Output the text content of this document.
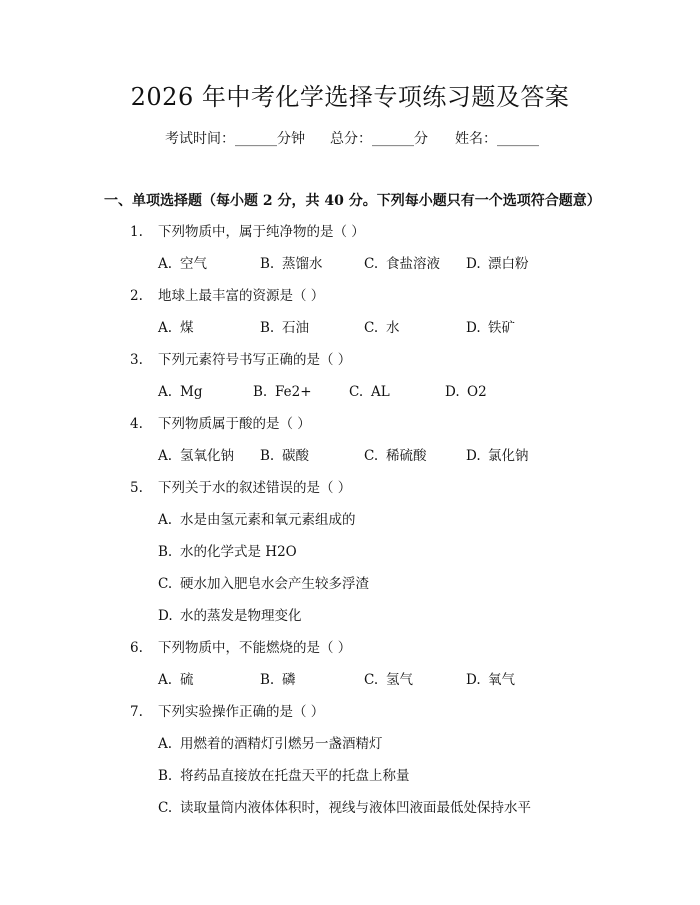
2026 年中考化学选择专项练习题及答案
考试时间：______分钟 总分：______分 姓名：______
一、单项选择题（每小题 2 分，共 40 分。下列每小题只有一个选项符合题意）
1. 下列物质中，属于纯净物的是（ ）
A. 空气	B. 蒸馏水	C. 食盐溶液 D. 漂白粉
2. 地球上最丰富的资源是（ ）
A. 煤	B. 石油	C. 水	D. 铁矿
3. 下列元素符号书写正确的是（ ）
A. Mg	B. Fe2+	C. AL	D. O2
4. 下列物质属于酸的是（ ）
A. 氢氧化钠 B. 碳酸	C. 稀硫酸	D. 氯化钠
5. 下列关于水的叙述错误的是（ ）
A. 水是由氢元素和氧元素组成的
B. 水的化学式是 H2O
C. 硬水加入肥皂水会产生较多浮渣
D. 水的蒸发是物理变化
6. 下列物质中，不能燃烧的是（ ）
A. 硫	B. 磷	C. 氢气	D. 氧气
7. 下列实验操作正确的是（ ）
A. 用燃着的酒精灯引燃另一盏酒精灯
B. 将药品直接放在托盘天平的托盘上称量
C. 读取量筒内液体体积时，视线与液体凹液面最低处保持水平
